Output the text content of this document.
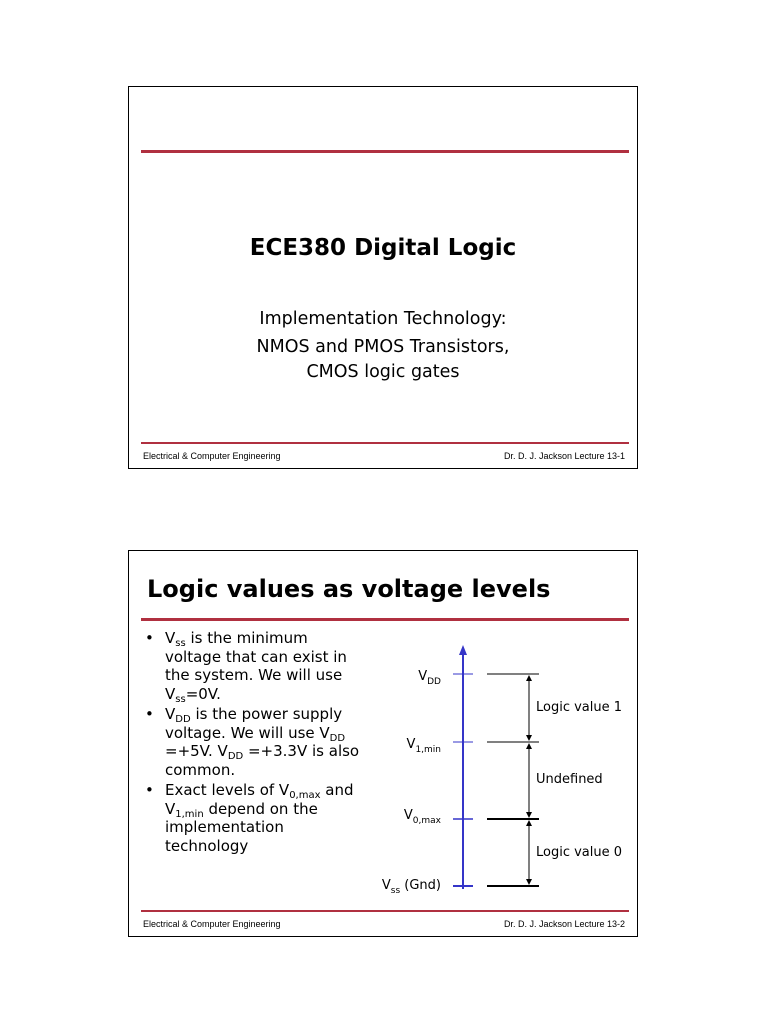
ECE380 Digital Logic
Implementation Technology:
NMOS and PMOS Transistors,
CMOS logic gates
Electrical & Computer Engineering	Dr. D. J. Jackson Lecture 13-1
Logic values as voltage levels
• $V_{ss}$ is the minimum voltage that can exist in the system. We will use $V_{ss}=0V$.
• $V_{DD}$ is the power supply voltage. We will use $V_{DD} =+5V$. $V_{DD} =+3.3V$ is also common.
• Exact levels of $V_{0,max}$ and $V_{1,min}$ depend on the implementation technology
$V_{DD}$
$V_{1,min}$
$V_{0,max}$
$V_{ss}$ (Gnd)
Logic value 1
Undefined
Logic value 0
Electrical & Computer Engineering	Dr. D. J. Jackson Lecture 13-2
